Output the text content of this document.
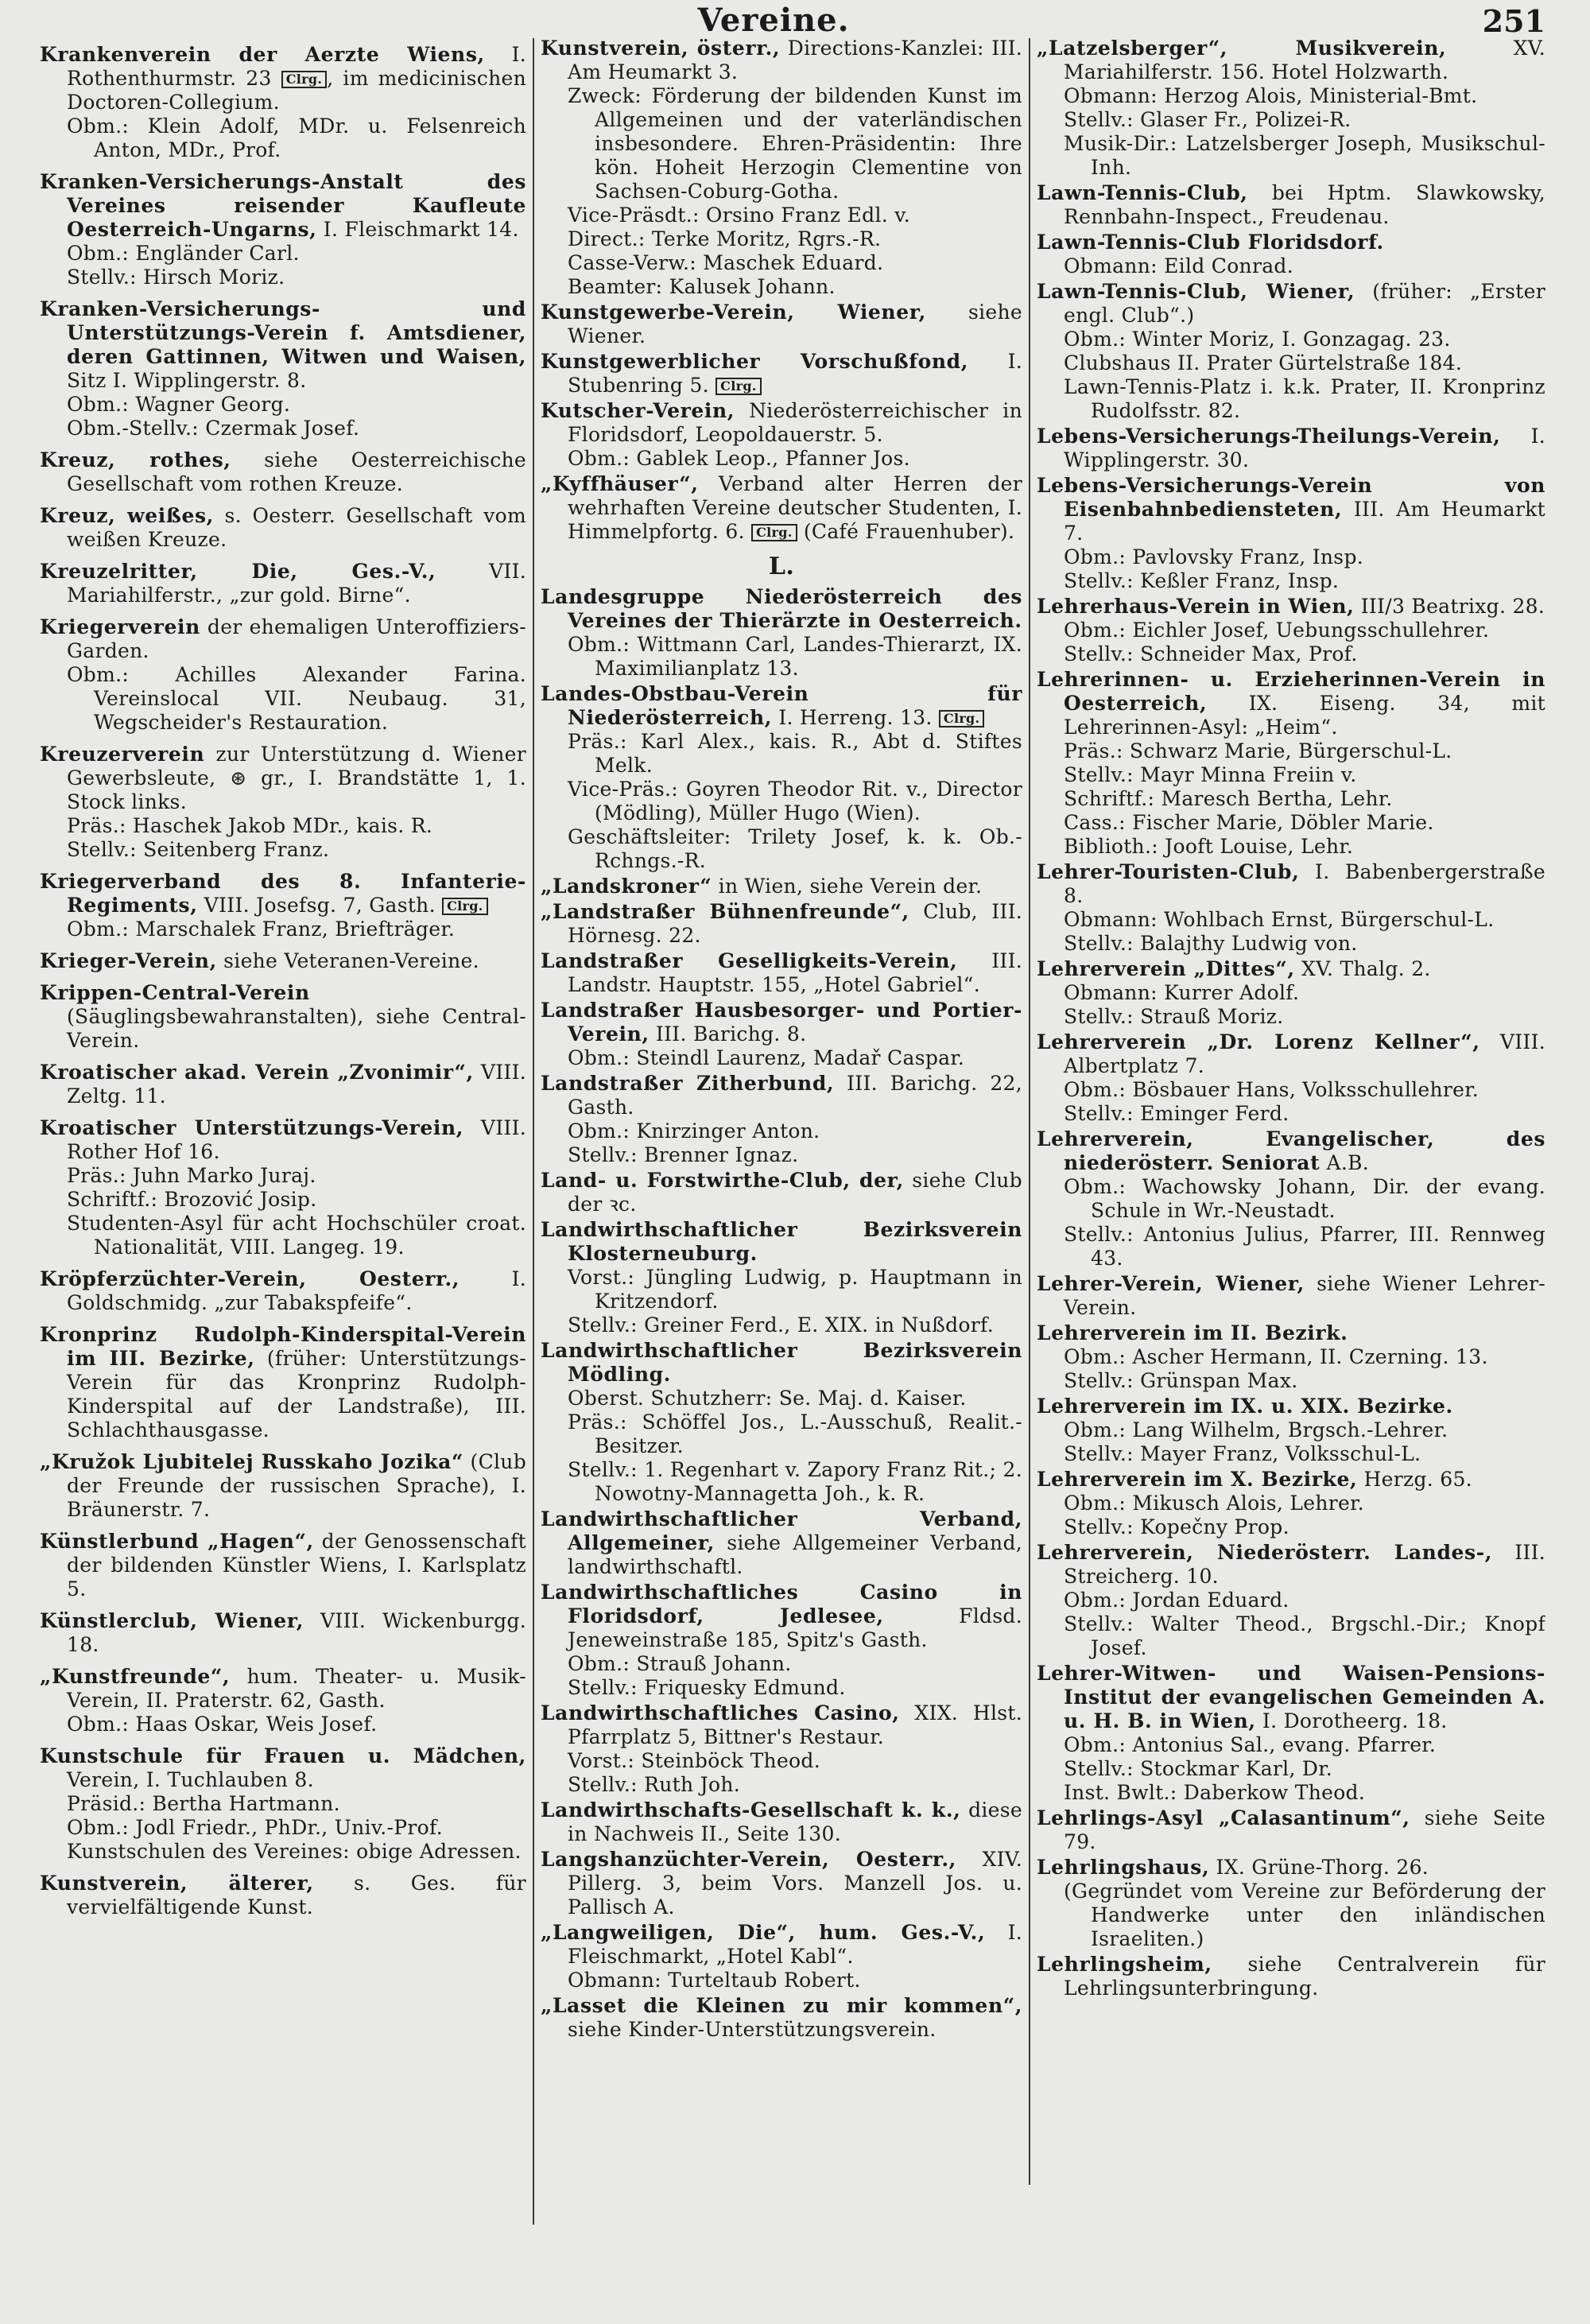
Vereine.	251

Krankenverein der Aerzte Wiens, I. Rothenthurmstr. 23 Clrg. , im medicinischen Doctoren-Collegium.

Obm.: Klein Adolf, MDr. u. Felsenreich Anton, MDr., Prof.

Kranken-Versicherungs-Anstalt des Vereines reisender Kaufleute Oesterreich-Ungarns, I. Fleischmarkt 14.

Obm.: Engländer Carl.

Stellv.: Hirsch Moriz.

Kranken-Versicherungs- und Unterstützungs-Verein f. Amtsdiener, deren Gattinnen, Witwen und Waisen, Sitz I. Wipplingerstr. 8.

Obm.: Wagner Georg.

Obm.-Stellv.: Czermak Josef.

Kreuz, rothes, siehe Oesterreichische Gesellschaft vom rothen Kreuze.

Kreuz, weißes, s. Oesterr. Gesellschaft vom weißen Kreuze.

Kreuzelritter, Die, Ges.-V.,	VII. Mariahilferstr., „zur gold. Birne“.

Kriegerverein der ehemaligen Unteroffiziers-Garden.

Obm.: Achilles Alexander Farina. Vereinslocal VII. Neubaug. 31, Wegscheider's Restauration.

Kreuzerverein zur Unterstützung d. Wiener Gewerbsleute, ⊛ gr., I. Brandstätte 1, 1. Stock links.

Präs.: Haschek Jakob MDr., kais. R.

Stellv.: Seitenberg Franz.

Kriegerverband des 8. Infanterie-Regiments, VIII. Josefsg. 7, Gasth. Clrg.

Obm.: Marschalek Franz, Briefträger.

Krieger-Verein, siehe Veteranen-Vereine.

Krippen-Central-Verein (Säuglingsbewahranstalten), siehe Central-Verein.

Kroatischer akad. Verein „Zvonimir“, VIII. Zeltg. 11.

Kroatischer Unterstützungs-Verein, VIII. Rother Hof 16.

Präs.: Juhn Marko Juraj.

Schriftf.: Brozović Josip.

Studenten-Asyl für acht Hochschüler croat. Nationalität, VIII. Langeg. 19.

Kröpferzüchter-Verein, Oesterr.,	I. Goldschmidg. „zur Tabakspfeife“.

Kronprinz Rudolph-Kinderspital-Verein im III. Bezirke, (früher: Unterstützungs-Verein für das Kronprinz Rudolph-Kinderspital auf der Landstraße), III. Schlachthausgasse.

„Kružok Ljubitelej Russkaho Jozika“ (Club der Freunde der russischen Sprache), I. Bräunerstr. 7.

Künstlerbund „Hagen“, der Genossenschaft der bildenden Künstler Wiens, I. Karlsplatz 5.

Künstlerclub, Wiener, VIII. Wickenburgg. 18.

„Kunstfreunde“, hum. Theater- u. Musik-Verein, II. Praterstr. 62, Gasth.

Obm.: Haas Oskar, Weis Josef.

Kunstschule für Frauen u. Mädchen, Verein, I. Tuchlauben 8.

Präsid.: Bertha Hartmann.

Obm.: Jodl Friedr., PhDr., Univ.-Prof.

Kunstschulen des Vereines: obige Adressen.

Kunstverein, älterer, s. Ges. für vervielfältigende Kunst.

Kunstverein, österr., Directions-Kanzlei: III. Am Heumarkt 3.

Zweck: Förderung der bildenden Kunst im Allgemeinen und der vaterländischen insbesondere. Ehren-Präsidentin: Ihre kön. Hoheit Herzogin Clementine von Sachsen-Coburg-Gotha.

Vice-Präsdt.: Orsino Franz Edl. v.

Direct.: Terke Moritz, Rgrs.-R.

Casse-Verw.: Maschek Eduard.

Beamter: Kalusek Johann.

Kunstgewerbe-Verein, Wiener, siehe Wiener.

Kunstgewerblicher Vorschußfond, I. Stubenring 5. Clrg.

Kutscher-Verein, Niederösterreichischer in Floridsdorf, Leopoldauerstr. 5.

Obm.: Gablek Leop., Pfanner Jos.

„Kyffhäuser“, Verband alter Herren der wehrhaften Vereine deutscher Studenten, I. Himmelpfortg. 6. Clrg. (Café Frauenhuber).

L.

Landesgruppe Niederösterreich des Vereines der Thierärzte in Oesterreich.

Obm.: Wittmann Carl, Landes-Thierarzt, IX. Maximilianplatz 13.

Landes-Obstbau-Verein für Niederösterreich, I. Herreng. 13. Clrg.

Präs.: Karl Alex., kais. R., Abt d. Stiftes Melk.

Vice-Präs.: Goyren Theodor Rit. v., Director (Mödling), Müller Hugo (Wien).

Geschäftsleiter: Trilety Josef, k. k. Ob.-Rchngs.-R.

„Landskroner“ in Wien, siehe Verein der.

„Landstraßer Bühnenfreunde“, Club, III. Hörnesg. 22.

Landstraßer Geselligkeits-Verein, III. Landstr. Hauptstr. 155, „Hotel Gabriel“.

Landstraßer Hausbesorger- und Portier-Verein, III. Barichg. 8.

Obm.: Steindl Laurenz, Madař Caspar.

Landstraßer Zitherbund, III. Barichg. 22, Gasth.

Obm.: Knirzinger Anton.

Stellv.: Brenner Ignaz.

Land- u. Forstwirthe-Club, der, siehe Club der ꝛc.

Landwirthschaftlicher Bezirksverein Klosterneuburg.

Vorst.: Jüngling Ludwig, p. Hauptmann in Kritzendorf.

Stellv.: Greiner Ferd., E. XIX. in Nußdorf.

Landwirthschaftlicher Bezirksverein Mödling.

Oberst. Schutzherr: Se. Maj. d. Kaiser.

Präs.: Schöffel Jos., L.-Ausschuß, Realit.-Besitzer.

Stellv.: 1. Regenhart v. Zapory Franz Rit.; 2. Nowotny-Mannagetta Joh., k. R.

Landwirthschaftlicher Verband, Allgemeiner, siehe Allgemeiner Verband, landwirthschaftl.

Landwirthschaftliches Casino in Floridsdorf, Jedlesee,	Fldsd. Jeneweinstraße 185, Spitz's Gasth.

Obm.: Strauß Johann.

Stellv.: Friquesky Edmund.

Landwirthschaftliches Casino, XIX. Hlst. Pfarrplatz 5, Bittner's Restaur.

Vorst.: Steinböck Theod.

Stellv.: Ruth Joh.

Landwirthschafts-Gesellschaft k. k., diese in Nachweis II., Seite 130.

Langshanzüchter-Verein, Oesterr., XIV. Pillerg. 3, beim Vors. Manzell Jos. u. Pallisch A.

„Langweiligen, Die“, hum. Ges.-V., I. Fleischmarkt, „Hotel Kabl“.

Obmann: Turteltaub Robert.

„Lasset die Kleinen zu mir kommen“, siehe Kinder-Unterstützungsverein.

„Latzelsberger“, Musikverein,	XV. Mariahilferstr. 156. Hotel Holzwarth.

Obmann: Herzog Alois, Ministerial-Bmt.

Stellv.: Glaser Fr., Polizei-R.

Musik-Dir.: Latzelsberger Joseph, Musikschul-Inh.

Lawn-Tennis-Club, bei Hptm. Slawkowsky, Rennbahn-Inspect., Freudenau.

Lawn-Tennis-Club Floridsdorf.

Obmann: Eild Conrad.

Lawn-Tennis-Club, Wiener, (früher: „Erster engl. Club“.)

Obm.: Winter Moriz, I. Gonzagag. 23.

Clubshaus II. Prater Gürtelstraße 184.

Lawn-Tennis-Platz i. k.k. Prater, II. Kronprinz Rudolfsstr. 82.

Lebens-Versicherungs-Theilungs-Verein, I. Wipplingerstr. 30.

Lebens-Versicherungs-Verein von Eisenbahnbediensteten, III. Am Heumarkt 7.

Obm.: Pavlovsky Franz, Insp.

Stellv.: Keßler Franz, Insp.

Lehrerhaus-Verein in Wien, III/3 Beatrixg. 28.

Obm.: Eichler Josef, Uebungsschullehrer.

Stellv.: Schneider Max, Prof.

Lehrerinnen- u. Erzieherinnen-Verein in Oesterreich, IX. Eiseng. 34, mit Lehrerinnen-Asyl: „Heim“.

Präs.: Schwarz Marie, Bürgerschul-L.

Stellv.: Mayr Minna Freiin v.

Schriftf.: Maresch Bertha, Lehr.

Cass.: Fischer Marie, Döbler Marie.

Biblioth.: Jooft Louise, Lehr.

Lehrer-Touristen-Club, I. Babenbergerstraße 8.

Obmann: Wohlbach Ernst, Bürgerschul-L.

Stellv.: Balajthy Ludwig von.

Lehrerverein „Dittes“, XV. Thalg. 2.

Obmann: Kurrer Adolf.

Stellv.: Strauß Moriz.

Lehrerverein „Dr. Lorenz Kellner“, VIII. Albertplatz 7.

Obm.: Bösbauer Hans, Volksschullehrer.

Stellv.: Eminger Ferd.

Lehrerverein, Evangelischer, des niederösterr. Seniorat A.B.

Obm.: Wachowsky Johann, Dir. der evang. Schule in Wr.-Neustadt.

Stellv.: Antonius Julius, Pfarrer, III. Rennweg 43.

Lehrer-Verein, Wiener, siehe Wiener Lehrer-Verein.

Lehrerverein im II. Bezirk.

Obm.: Ascher Hermann, II. Czerning. 13.

Stellv.: Grünspan Max.

Lehrerverein im IX. u. XIX. Bezirke.

Obm.: Lang Wilhelm, Brgsch.-Lehrer.

Stellv.: Mayer Franz, Volksschul-L.

Lehrerverein im X. Bezirke, Herzg. 65.

Obm.: Mikusch Alois, Lehrer.

Stellv.: Kopečny Prop.

Lehrerverein, Niederösterr. Landes-, III. Streicherg. 10.

Obm.: Jordan Eduard.

Stellv.: Walter Theod., Brgschl.-Dir.; Knopf Josef.

Lehrer-Witwen- und Waisen-Pensions-Institut der evangelischen Gemeinden A. u. H. B. in Wien, I. Dorotheerg. 18.

Obm.: Antonius Sal., evang. Pfarrer.

Stellv.: Stockmar Karl, Dr.

Inst. Bwlt.: Daberkow Theod.

Lehrlings-Asyl „Calasantinum“, siehe Seite 79.

Lehrlingshaus, IX. Grüne-Thorg. 26.

(Gegründet vom Vereine zur Beförderung der Handwerke unter den inländischen Israeliten.)

Lehrlingsheim, siehe Centralverein für Lehrlingsunterbringung.
